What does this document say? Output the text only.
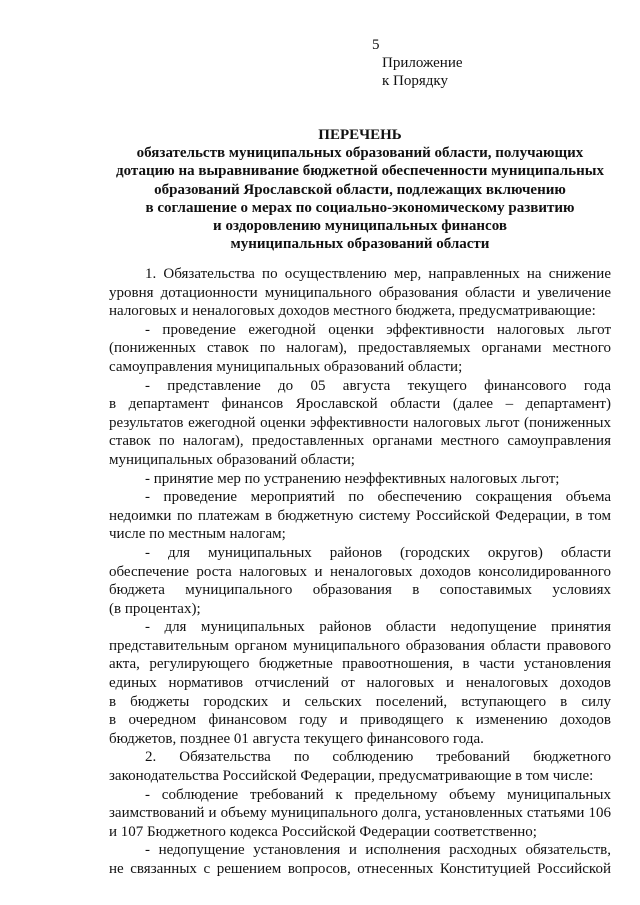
5
Приложение
к Порядку
ПЕРЕЧЕНЬ
обязательств муниципальных образований области, получающих
дотацию на выравнивание бюджетной обеспеченности муниципальных
образований Ярославской области, подлежащих включению
в соглашение о мерах по социально-экономическому развитию
и оздоровлению муниципальных финансов
муниципальных образований области
1. Обязательства по осуществлению мер, направленных на снижение
уровня дотационности муниципального образования области и увеличение
налоговых и неналоговых доходов местного бюджета, предусматривающие:
- проведение ежегодной оценки эффективности налоговых льгот
(пониженных ставок по налогам), предоставляемых органами местного
самоуправления муниципальных образований области;
- представление до 05 августа текущего финансового года
в департамент финансов Ярославской области (далее – департамент)
результатов ежегодной оценки эффективности налоговых льгот (пониженных
ставок по налогам), предоставленных органами местного самоуправления
муниципальных образований области;
- принятие мер по устранению неэффективных налоговых льгот;
- проведение мероприятий по обеспечению сокращения объема
недоимки по платежам в бюджетную систему Российской Федерации, в том
числе по местным налогам;
- для муниципальных районов (городских округов) области
обеспечение роста налоговых и неналоговых доходов консолидированного
бюджета муниципального образования в сопоставимых условиях
(в процентах);
- для муниципальных районов области недопущение принятия
представительным органом муниципального образования области правового
акта, регулирующего бюджетные правоотношения, в части установления
единых нормативов отчислений от налоговых и неналоговых доходов
в бюджеты городских и сельских поселений, вступающего в силу
в очередном финансовом году и приводящего к изменению доходов
бюджетов, позднее 01 августа текущего финансового года.
2. Обязательства по соблюдению требований бюджетного
законодательства Российской Федерации, предусматривающие в том числе:
- соблюдение требований к предельному объему муниципальных
заимствований и объему муниципального долга, установленных статьями 106
и 107 Бюджетного кодекса Российской Федерации соответственно;
- недопущение установления и исполнения расходных обязательств,
не связанных с решением вопросов, отнесенных Конституцией Российской
